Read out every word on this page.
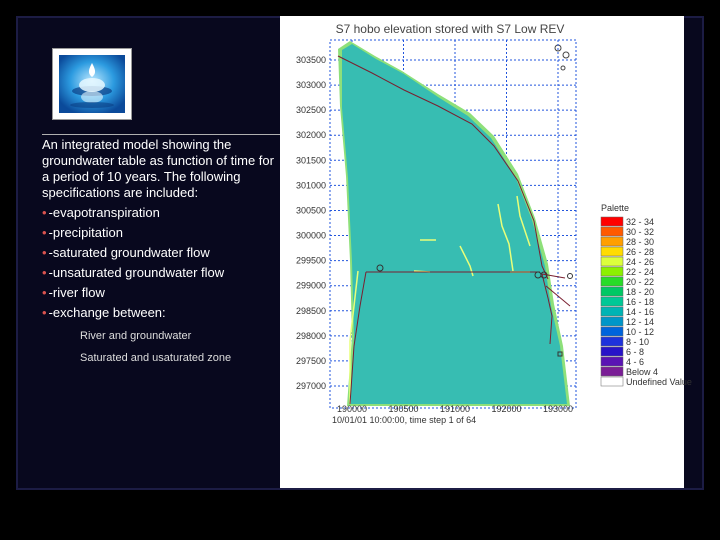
An integrated model showing the groundwater table as function of time for a period of 10 years. The following specifications are included:
• -evapotranspiration
• -precipitation
• -saturated groundwater flow
• -unsaturated groundwater flow
• -river flow
• -exchange between:
River and groundwater
Saturated and usaturated zone
S7 hobo elevation stored with S7 Low REV
303500
303000
302500
302000
301500
301000
300500
300000
299500
299000
298500
298000
297500
297000
190000 190500 191000 192000 193000
10/01/01 10:00:00, time step 1 of 64
Palette
32 - 34
30 - 32
28 - 30
26 - 28
24 - 26
22 - 24
20 - 22
18 - 20
16 - 18
14 - 16
12 - 14
10 - 12
8 - 10
6 - 8
4 - 6
Below 4
Undefined Value
